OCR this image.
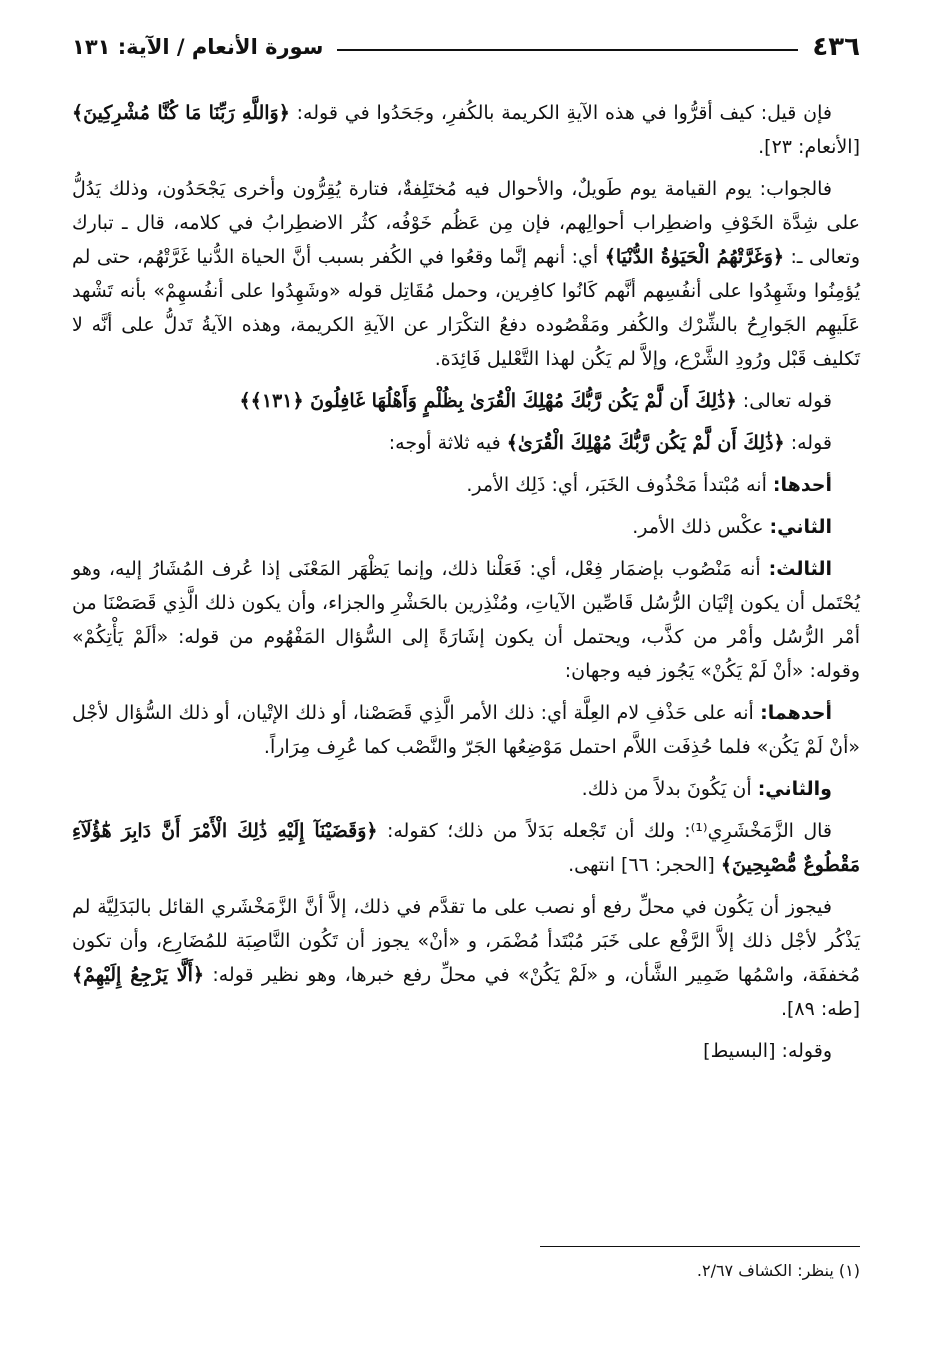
٤٣٦
سورة الأنعام / الآية: ١٣١

فإن قيل: كيف أقرُّوا في هذه الآيةِ الكريمة بالكُفرِ، وجَحَدُوا في قوله: ﴿وَاللَّهِ رَبِّنَا مَا كُنَّا مُشْرِكِينَ﴾ [الأنعام: ٢٣].

فالجواب: يوم القيامة يوم طَويلٌ، والأحوال فيه مُختَلِفةٌ، فتارة يُقِرُّون وأخرى يَجْحَدُون، وذلك يَدُلُّ على شِدَّة الخَوْفِ واضطِراب أحوالِهم، فإن مِن عَظُم خَوْفُه، كثُر الاضطِرابُ في كلامه، قال ـ تبارك وتعالى ـ: ﴿وَغَرَّتْهُمُ الْحَيَوٰةُ الدُّنْيَا﴾ أي: أنهم إنَّما وقعُوا في الكُفر بسبب أنَّ الحياة الدُّنيا غَرَّتْهُم، حتى لم يُؤمِنُوا وشَهِدُوا على أنفُسِهم أنَّهم كَانُوا كافِرين، وحمل مُقَاتِل قوله «وشَهِدُوا على أنفُسهِمْ» بأنه تَشْهد عَلَيهِم الجَوارِحُ بالشِّرْك والكُفر ومَقْصُوده دفعُ التكْرَار عن الآيةِ الكريمة، وهذه الآيةُ تَدلُّ على أنَّه لا تَكليف قَبْل ورُودِ الشَّرْع، وإلاَّ لم يَكُن لهذا التَّعْليل فَائِدَة.

قوله تعالى: ﴿ذَٰلِكَ أَن لَّمْ يَكُن رَّبُّكَ مُهْلِكَ الْقُرَىٰ بِظُلْمٍ وَأَهْلُهَا غَافِلُونَ ﴿١٣١﴾﴾

قوله: ﴿ذَٰلِكَ أَن لَّمْ يَكُن رَّبُّكَ مُهْلِكَ الْقُرَىٰ﴾ فيه ثلاثة أوجه:

أحدها: أنه مُبْتدأ مَحْذُوف الخَبَر، أي: ذَلِك الأمر.

الثاني: عكْس ذلك الأمر.

الثالث: أنه مَنْصُوب بإضمَار فِعْل، أي: فَعَلْنا ذلك، وإنما يَظْهَر المَعْنَى إذا عُرف المُشَارُ إليه، وهو يُحْتَمل أن يكون إتْيَان الرُّسُل قَاصِّين الآياتِ، ومُنْذِرين بالحَشْرِ والجزاء، وأن يكون ذلك الَّذِي قَصَصْنَا من أمْر الرُّسُل وأمْر من كذَّب، ويحتمل أن يكون إشَارَةً إلى السُّؤال المَفْهُوم من قوله: «ألَمْ يَأْتِكُمْ» وقوله: «أنْ لَمْ يَكُنْ» يَجُوز فيه وجهان:

أحدهما: أنه على حَذْفِ لام العِلَّة أي: ذلك الأمر الَّذِي قَصَصْنا، أو ذلك الإتْيان، أو ذلك السُّؤال لأجْل «أنْ لَمْ يَكُن» فلما حُذِفَت اللاَّم احتمل مَوْضِعُها الجَرّ والنَّصْب كما عُرِف مِرَاراً.

والثاني: أن يَكُونَ بدلاً من ذلك.

قال الزَّمَخْشَرِي⁽¹⁾: ولك أن تَجْعله بَدَلاً من ذلك؛ كقوله: ﴿وَقَضَيْنَآ إِلَيْهِ ذَٰلِكَ الْأَمْرَ أَنَّ دَابِرَ هَٰٓؤُلَآءِ مَقْطُوعٌ مُّصْبِحِينَ﴾ [الحجر: ٦٦] انتهى.

فيجوز أن يَكُون في محلِّ رفع أو نصب على ما تقدَّم في ذلك، إلاَّ أنَّ الزَّمَخْشَري القائل بالبَدَلِيَّة لم يَذْكُر لأجْل ذلك إلاَّ الرَّفْع على خَبَر مُبْتَدأ مُضْمَر، و «أنْ» يجوز أن تَكُون النَّاصِبَة للمُضَارِع، وأن تكون مُخففَة، واسْمُها ضَمِير الشَّأن، و «لَمْ يَكُنْ» في محلِّ رفع خبرها، وهو نظير قوله: ﴿أَلَّا يَرْجِعُ إِلَيْهِمْ﴾ [طه: ٨٩].

وقوله: [البسيط]

(١) ينظر: الكشاف ٢/٦٧.
